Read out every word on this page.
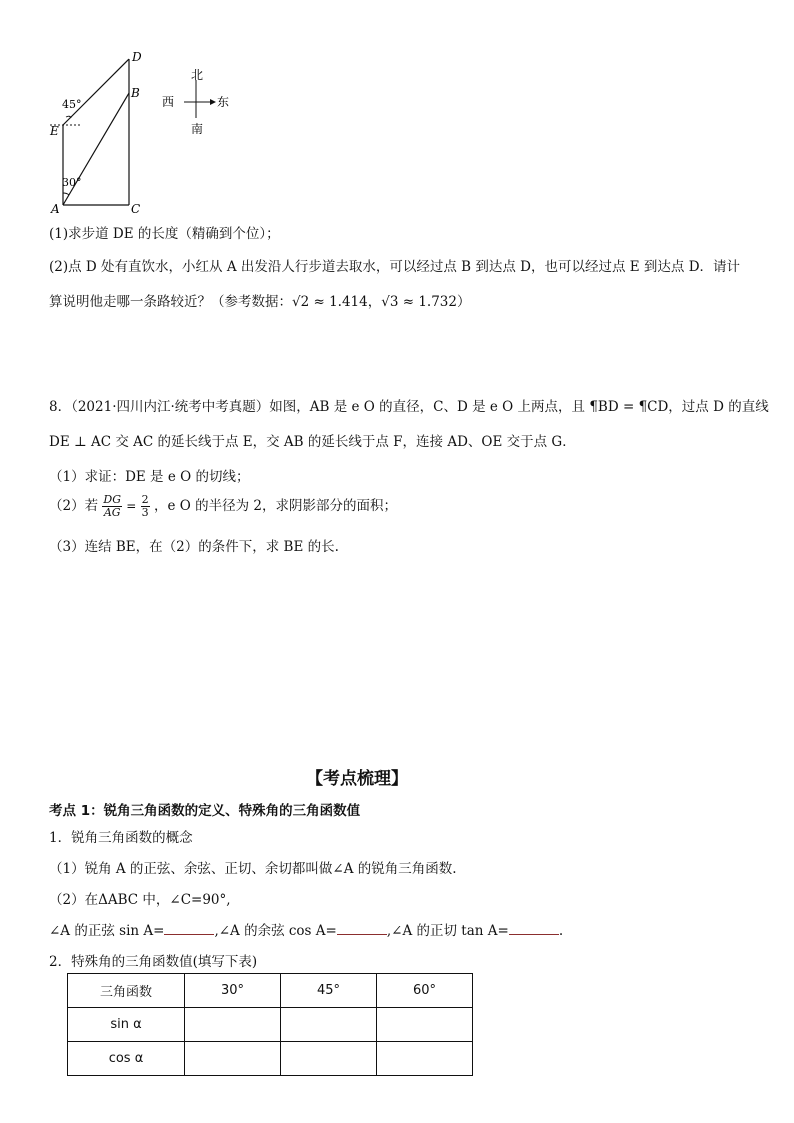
D
B
E
A	C
45°
30°
北
南
西	东
(1)求步道 DE 的长度（精确到个位）；
(2)点 D 处有直饮水，小红从 A 出发沿人行步道去取水，可以经过点 B 到达点 D，也可以经过点 E 到达点 D．请计
算说明他走哪一条路较近？（参考数据：√2 ≈ 1.414，√3 ≈ 1.732）
8．（2021·四川内江·统考中考真题）如图，AB 是 e O 的直径，C、D 是 e O 上两点，且 ¶BD = ¶CD，过点 D 的直线
DE ⊥ AC 交 AC 的延长线于点 E，交 AB 的延长线于点 F，连接 AD、OE 交于点 G．
（1）求证：DE 是 e O 的切线；
（2）若 $\frac{DG}{AG} = \frac{2}{3}$ ，e O 的半径为 2，求阴影部分的面积；
（3）连结 BE，在（2）的条件下，求 BE 的长.
【考点梳理】
考点 1：锐角三角函数的定义、特殊角的三角函数值
1．锐角三角函数的概念
（1）锐角 A 的正弦、余弦、正切、余切都叫做∠A 的锐角三角函数.
（2）在ΔABC 中，∠C=90°,
∠A 的正弦 sin A=	,∠A 的余弦 cos A=	,∠A 的正切 tan A=	.
2．特殊角的三角函数值(填写下表)
三角函数	30°	45°	60°
sin α			
cos α			
